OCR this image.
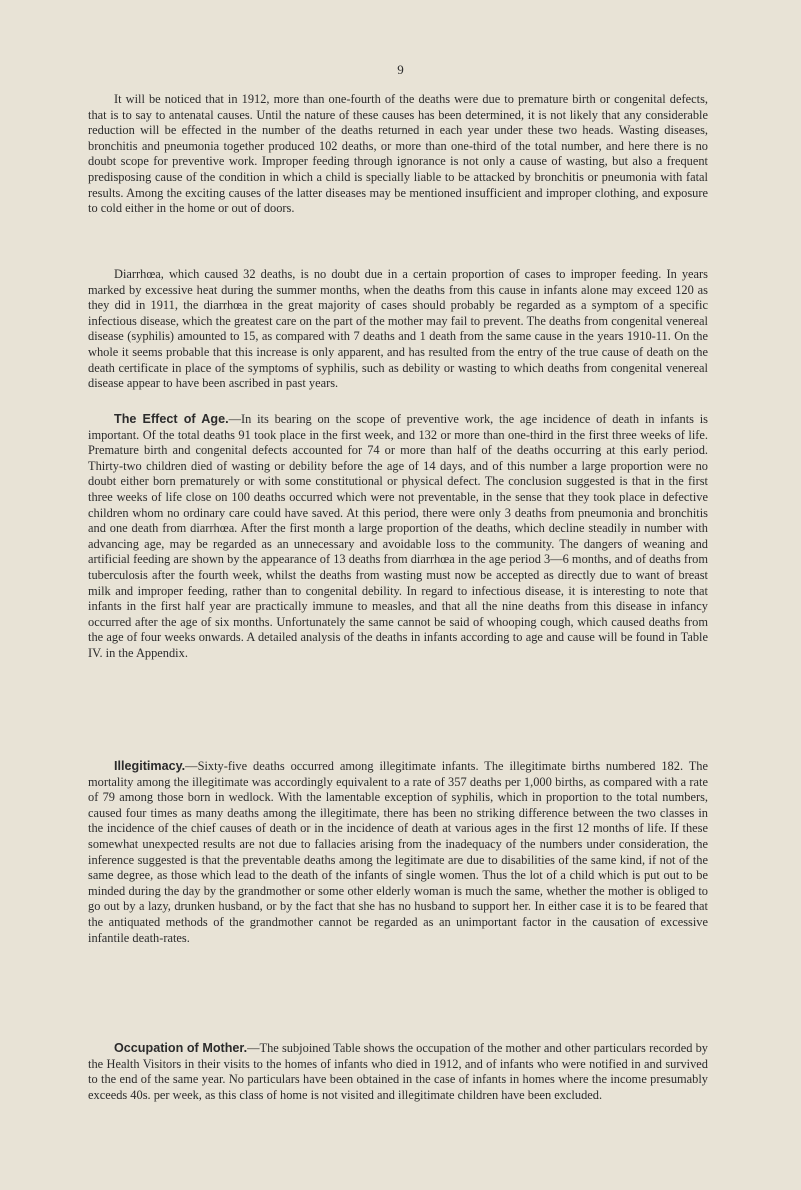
9

It will be noticed that in 1912, more than one-fourth of the deaths were due to premature birth or congenital defects, that is to say to antenatal causes. Until the nature of these causes has been determined, it is not likely that any considerable reduction will be effected in the number of the deaths returned in each year under these two heads. Wasting diseases, bronchitis and pneumonia together produced 102 deaths, or more than one-third of the total number, and here there is no doubt scope for preventive work. Improper feeding through ignorance is not only a cause of wasting, but also a frequent predisposing cause of the condition in which a child is specially liable to be attacked by bronchitis or pneumonia with fatal results. Among the exciting causes of the latter diseases may be mentioned insufficient and improper clothing, and exposure to cold either in the home or out of doors.

Diarrhœa, which caused 32 deaths, is no doubt due in a certain proportion of cases to improper feeding. In years marked by excessive heat during the summer months, when the deaths from this cause in infants alone may exceed 120 as they did in 1911, the diarrhœa in the great majority of cases should probably be regarded as a symptom of a specific infectious disease, which the greatest care on the part of the mother may fail to prevent. The deaths from congenital venereal disease (syphilis) amounted to 15, as compared with 7 deaths and 1 death from the same cause in the years 1910-11. On the whole it seems probable that this increase is only apparent, and has resulted from the entry of the true cause of death on the death certificate in place of the symptoms of syphilis, such as debility or wasting to which deaths from congenital venereal disease appear to have been ascribed in past years.

The Effect of Age.—In its bearing on the scope of preventive work, the age incidence of death in infants is important. Of the total deaths 91 took place in the first week, and 132 or more than one-third in the first three weeks of life. Premature birth and congenital defects accounted for 74 or more than half of the deaths occurring at this early period. Thirty-two children died of wasting or debility before the age of 14 days, and of this number a large proportion were no doubt either born prematurely or with some constitutional or physical defect. The conclusion suggested is that in the first three weeks of life close on 100 deaths occurred which were not preventable, in the sense that they took place in defective children whom no ordinary care could have saved. At this period, there were only 3 deaths from pneumonia and bronchitis and one death from diarrhœa. After the first month a large proportion of the deaths, which decline steadily in number with advancing age, may be regarded as an unnecessary and avoidable loss to the community. The dangers of weaning and artificial feeding are shown by the appearance of 13 deaths from diarrhœa in the age period 3—6 months, and of deaths from tuberculosis after the fourth week, whilst the deaths from wasting must now be accepted as directly due to want of breast milk and improper feeding, rather than to congenital debility. In regard to infectious disease, it is interesting to note that infants in the first half year are practically immune to measles, and that all the nine deaths from this disease in infancy occurred after the age of six months. Unfortunately the same cannot be said of whooping cough, which caused deaths from the age of four weeks onwards. A detailed analysis of the deaths in infants according to age and cause will be found in Table IV. in the Appendix.

Illegitimacy.—Sixty-five deaths occurred among illegitimate infants. The illegitimate births numbered 182. The mortality among the illegitimate was accordingly equivalent to a rate of 357 deaths per 1,000 births, as compared with a rate of 79 among those born in wedlock. With the lamentable exception of syphilis, which in proportion to the total numbers, caused four times as many deaths among the illegitimate, there has been no striking difference between the two classes in the incidence of the chief causes of death or in the incidence of death at various ages in the first 12 months of life. If these somewhat unexpected results are not due to fallacies arising from the inadequacy of the numbers under consideration, the inference suggested is that the preventable deaths among the legitimate are due to disabilities of the same kind, if not of the same degree, as those which lead to the death of the infants of single women. Thus the lot of a child which is put out to be minded during the day by the grandmother or some other elderly woman is much the same, whether the mother is obliged to go out by a lazy, drunken husband, or by the fact that she has no husband to support her. In either case it is to be feared that the antiquated methods of the grandmother cannot be regarded as an unimportant factor in the causation of excessive infantile death-rates.

Occupation of Mother.—The subjoined Table shows the occupation of the mother and other particulars recorded by the Health Visitors in their visits to the homes of infants who died in 1912, and of infants who were notified in and survived to the end of the same year. No particulars have been obtained in the case of infants in homes where the income presumably exceeds 40s. per week, as this class of home is not visited and illegitimate children have been excluded.
